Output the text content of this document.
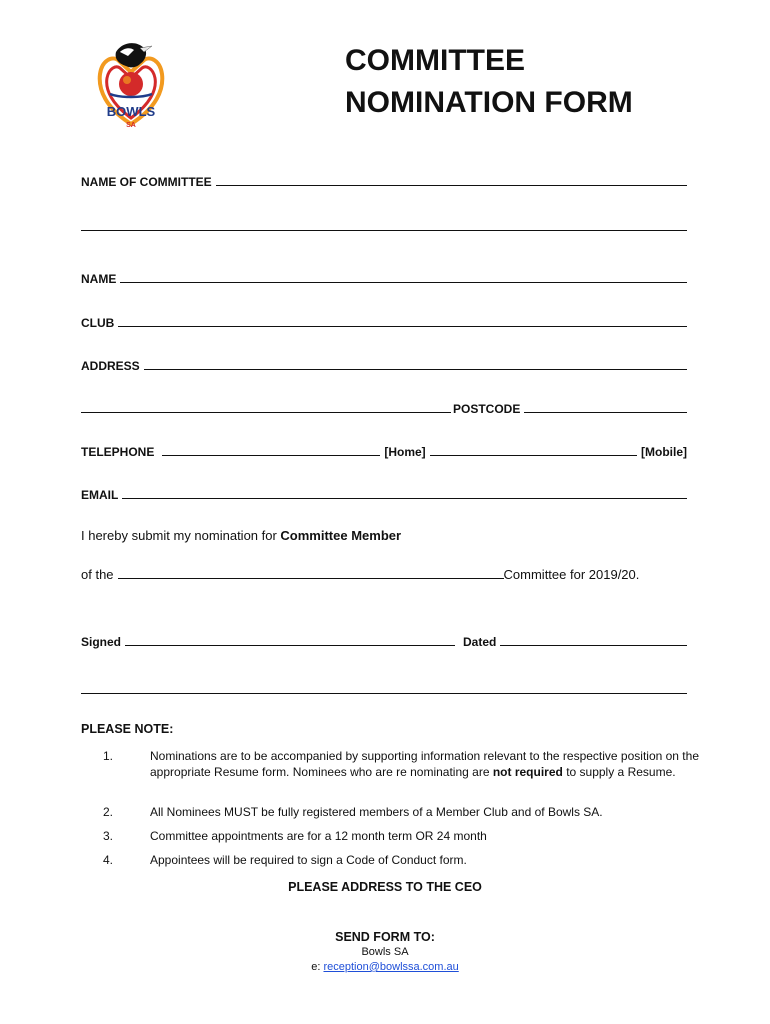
BOWLS
SA
COMMITTEE
NOMINATION FORM
NAME OF COMMITTEE
NAME
CLUB
ADDRESS
POSTCODE
TELEPHONE	[Home]	[Mobile]
EMAIL
I hereby submit my nomination for Committee Member
of the	Committee for 2019/20.
Signed	Dated
PLEASE NOTE:
1.	Nominations are to be accompanied by supporting information relevant to the respective position on the appropriate Resume form. Nominees who are re nominating are not required to supply a Resume.
2.	All Nominees MUST be fully registered members of a Member Club and of Bowls SA.
3.	Committee appointments are for a 12 month term OR 24 month
4.	Appointees will be required to sign a Code of Conduct form.
PLEASE ADDRESS TO THE CEO
SEND FORM TO:
Bowls SA
e: reception@bowlssa.com.au
